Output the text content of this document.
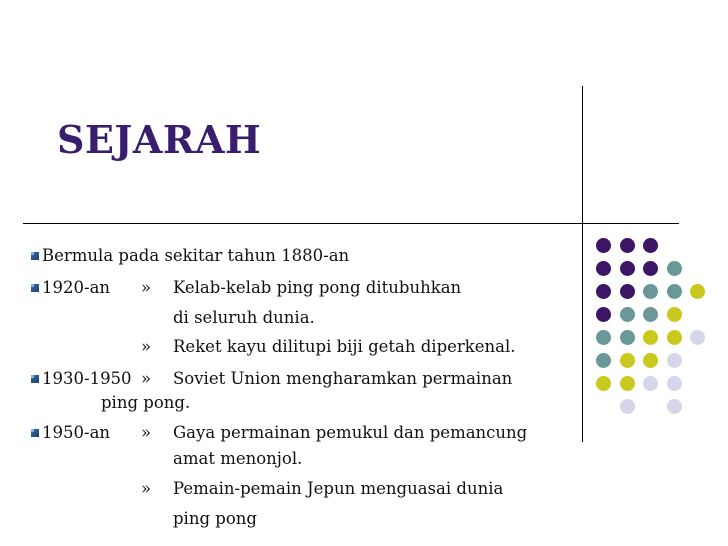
SEJARAH
Bermula pada sekitar tahun 1880-an
1920-an » Kelab-kelab ping pong ditubuhkan
di seluruh dunia.
» Reket kayu dilitupi biji getah diperkenal.
1930-1950 » Soviet Union mengharamkan permainan
ping pong.
1950-an » Gaya permainan pemukul dan pemancung
amat menonjol.
» Pemain-pemain Jepun menguasai dunia
ping pong
